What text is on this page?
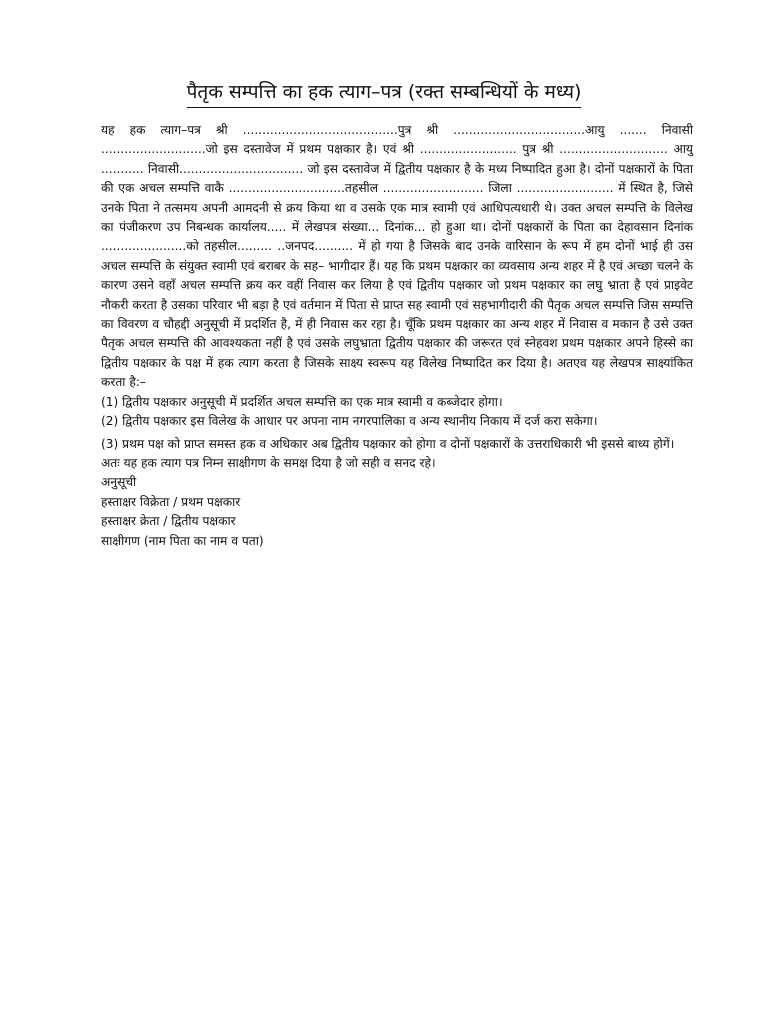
पैतृक सम्पत्ति का हक त्याग–पत्र (रक्त सम्बन्धियों के मध्य)

यह हक त्याग–पत्र श्री ........................................पुत्र श्री ..................................आयु ....... निवासी ...........................जो इस दस्तावेज में प्रथम पक्षकार है। एवं श्री ......................... पुत्र श्री ............................ आयु ........... निवासी................................ जो इस दस्तावेज में द्वितीय पक्षकार है के मध्य निष्पादित हुआ है। दोनों पक्षकारों के पिता की एक अचल सम्पत्ति वाकै ..............................तहसील .......................... जिला ......................... में स्थित है, जिसे उनके पिता ने तत्समय अपनी आमदनी से क्रय किया था व उसके एक मात्र स्वामी एवं आधिपत्यधारी थे। उक्त अचल सम्पत्ति के विलेख का पंजीकरण उप निबन्धक कार्यालय..... में लेखपत्र संख्या... दिनांक... हो हुआ था। दोनों पक्षकारों के पिता का देहावसान दिनांक ......................को तहसील......... ..जनपद.......... में हो गया है जिसके बाद उनके वारिसान के रूप में हम दोनों भाई ही उस अचल सम्पत्ति के संयुक्त स्वामी एवं बराबर के सह– भागीदार हैं। यह कि प्रथम पक्षकार का व्यवसाय अन्य शहर में है एवं अच्छा चलने के कारण उसने वहाँ अचल सम्पत्ति क्रय कर वहीं निवास कर लिया है एवं द्वितीय पक्षकार जो प्रथम पक्षकार का लघु भ्राता है एवं प्राइवेट नौकरी करता है उसका परिवार भी बड़ा है एवं वर्तमान में पिता से प्राप्त सह स्वामी एवं सहभागीदारी की पैतृक अचल सम्पत्ति जिस सम्पत्ति का विवरण व चौहद्दी अनुसूची में प्रदर्शित है, में ही निवास कर रहा है। चूँकि प्रथम पक्षकार का अन्य शहर में निवास व मकान है उसे उक्त पैतृक अचल सम्पत्ति की आवश्यकता नहीं है एवं उसके लघुभ्राता द्वितीय पक्षकार की जरूरत एवं स्नेहवश प्रथम पक्षकार अपने हिस्से का द्वितीय पक्षकार के पक्ष में हक त्याग करता है जिसके साक्ष्य स्वरूप यह विलेख निष्पादित कर दिया है। अतएव यह लेखपत्र साक्ष्यांकित करता है:–

(1) द्वितीय पक्षकार अनुसूची में प्रदर्शित अचल सम्पत्ति का एक मात्र स्वामी व कब्जेदार होगा।

(2) द्वितीय पक्षकार इस विलेख के आधार पर अपना नाम नगरपालिका व अन्य स्थानीय निकाय में दर्ज करा सकेगा।

(3) प्रथम पक्ष को प्राप्त समस्त हक व अधिकार अब द्वितीय पक्षकार को होगा व दोनों पक्षकारों के उत्तराधिकारी भी इससे बाध्य होगें।

अतः यह हक त्याग पत्र निम्न साक्षीगण के समक्ष दिया है जो सही व सनद रहे।

अनुसूची

हस्ताक्षर विक्रेता / प्रथम पक्षकार

हस्ताक्षर क्रेता / द्वितीय पक्षकार

साक्षीगण (नाम पिता का नाम व पता)
